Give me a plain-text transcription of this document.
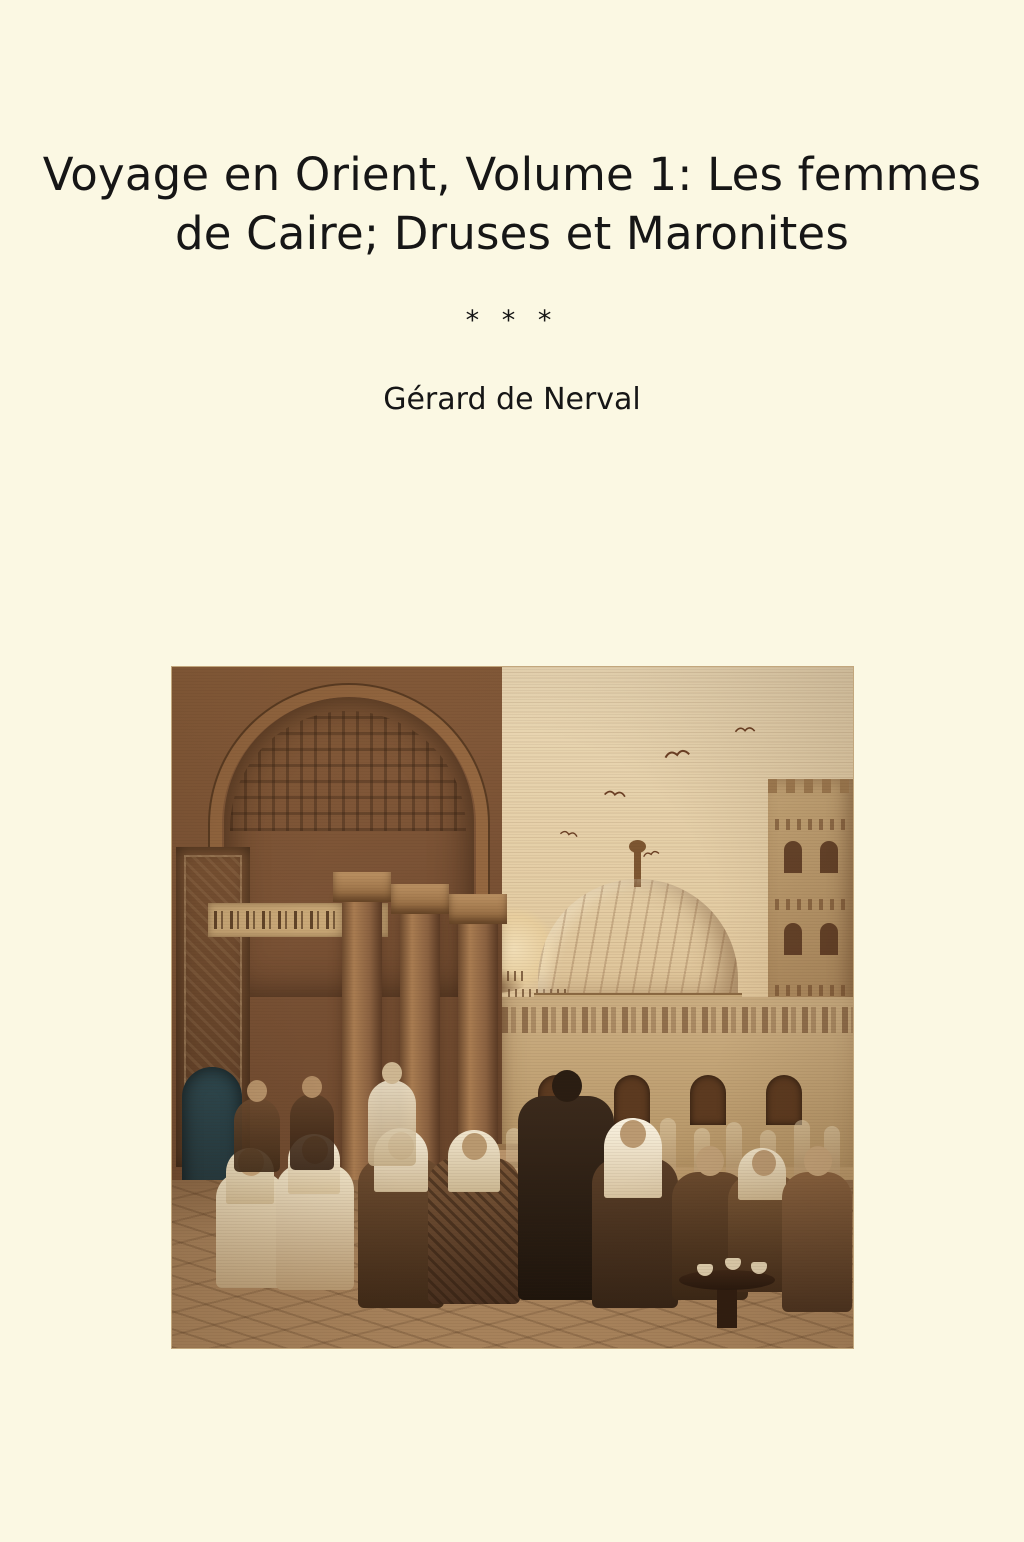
Voyage en Orient, Volume 1: Les femmes de Caire; Druses et Maronites
* * *
Gérard de Nerval
